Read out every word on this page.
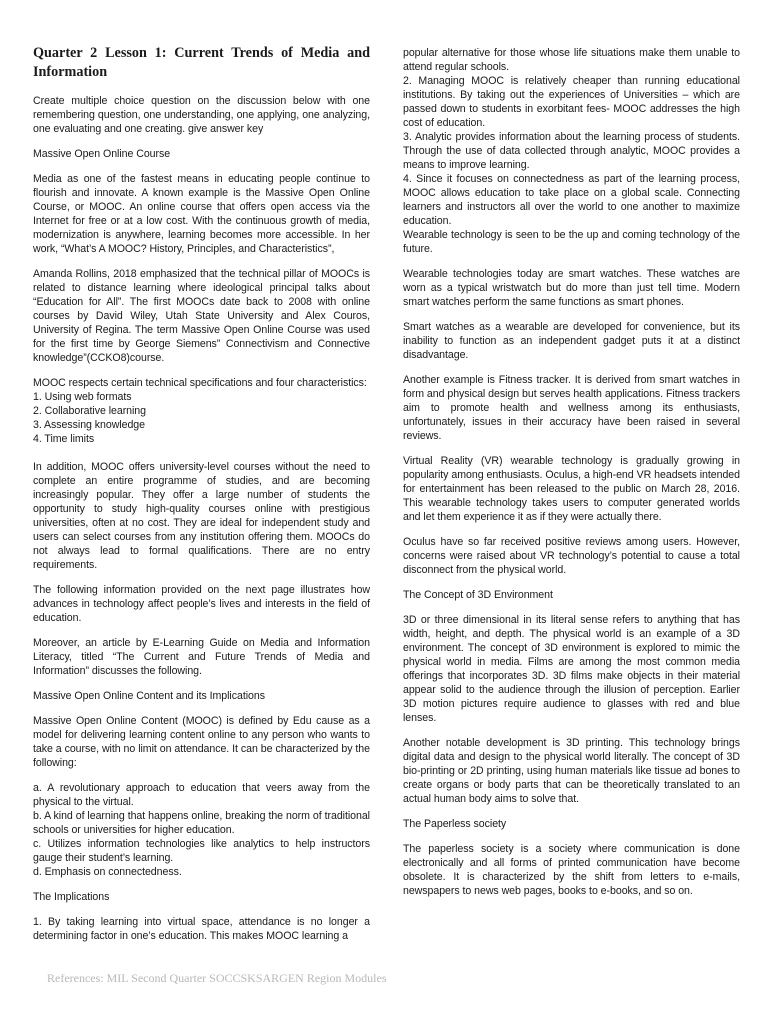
Quarter 2 Lesson 1: Current Trends of Media and Information

Create multiple choice question on the discussion below with one remembering question, one understanding, one applying, one analyzing, one evaluating and one creating. give answer key

Massive Open Online Course

Media as one of the fastest means in educating people continue to flourish and innovate. A known example is the Massive Open Online Course, or MOOC. An online course that offers open access via the Internet for free or at a low cost. With the continuous growth of media, modernization is anywhere, learning becomes more accessible. In her work, “What’s A MOOC? History, Principles, and Characteristics”,

Amanda Rollins, 2018 emphasized that the technical pillar of MOOCs is related to distance learning where ideological principal talks about “Education for All”. The first MOOCs date back to 2008 with online courses by David Wiley, Utah State University and Alex Couros, University of Regina. The term Massive Open Online Course was used for the first time by George Siemens” Connectivism and Connective knowledge”(CCKO8)course.

MOOC respects certain technical specifications and four characteristics:
1. Using web formats
2. Collaborative learning
3. Assessing knowledge
4. Time limits

In addition, MOOC offers university-level courses without the need to complete an entire programme of studies, and are becoming increasingly popular. They offer a large number of students the opportunity to study high-quality courses online with prestigious universities, often at no cost. They are ideal for independent study and users can select courses from any institution offering them. MOOCs do not always lead to formal qualifications. There are no entry requirements.

The following information provided on the next page illustrates how advances in technology affect people’s lives and interests in the field of education.

Moreover, an article by E-Learning Guide on Media and Information Literacy, titled “The Current and Future Trends of Media and Information” discusses the following.

Massive Open Online Content and its Implications

Massive Open Online Content (MOOC) is defined by Edu cause as a model for delivering learning content online to any person who wants to take a course, with no limit on attendance. It can be characterized by the following:

a. A revolutionary approach to education that veers away from the physical to the virtual.
b. A kind of learning that happens online, breaking the norm of traditional schools or universities for higher education.
c. Utilizes information technologies like analytics to help instructors gauge their student’s learning.
d. Emphasis on connectedness.

The Implications

1. By taking learning into virtual space, attendance is no longer a determining factor in one’s education. This makes MOOC learning a

popular alternative for those whose life situations make them unable to attend regular schools.
2. Managing MOOC is relatively cheaper than running educational institutions. By taking out the experiences of Universities – which are passed down to students in exorbitant fees- MOOC addresses the high cost of education.
3. Analytic provides information about the learning process of students. Through the use of data collected through analytic, MOOC provides a means to improve learning.
4. Since it focuses on connectedness as part of the learning process, MOOC allows education to take place on a global scale. Connecting learners and instructors all over the world to one another to maximize education.
Wearable technology is seen to be the up and coming technology of the future.

Wearable technologies today are smart watches. These watches are worn as a typical wristwatch but do more than just tell time. Modern smart watches perform the same functions as smart phones.

Smart watches as a wearable are developed for convenience, but its inability to function as an independent gadget puts it at a distinct disadvantage.

Another example is Fitness tracker. It is derived from smart watches in form and physical design but serves health applications. Fitness trackers aim to promote health and wellness among its enthusiasts, unfortunately, issues in their accuracy have been raised in several reviews.

Virtual Reality (VR) wearable technology is gradually growing in popularity among enthusiasts. Oculus, a high-end VR headsets intended for entertainment has been released to the public on March 28, 2016. This wearable technology takes users to computer generated worlds and let them experience it as if they were actually there.

Oculus have so far received positive reviews among users. However, concerns were raised about VR technology’s potential to cause a total disconnect from the physical world.

The Concept of 3D Environment

3D or three dimensional in its literal sense refers to anything that has width, height, and depth. The physical world is an example of a 3D environment. The concept of 3D environment is explored to mimic the physical world in media. Films are among the most common media offerings that incorporates 3D. 3D films make objects in their material appear solid to the audience through the illusion of perception. Earlier 3D motion pictures require audience to glasses with red and blue lenses.

Another notable development is 3D printing. This technology brings digital data and design to the physical world literally. The concept of 3D bio-printing or 2D printing, using human materials like tissue ad bones to create organs or body parts that can be theoretically translated to an actual human body aims to solve that.

The Paperless society

The paperless society is a society where communication is done electronically and all forms of printed communication have become obsolete. It is characterized by the shift from letters to e-mails, newspapers to news web pages, books to e-books, and so on.

References: MIL Second Quarter SOCCSKSARGEN Region Modules
